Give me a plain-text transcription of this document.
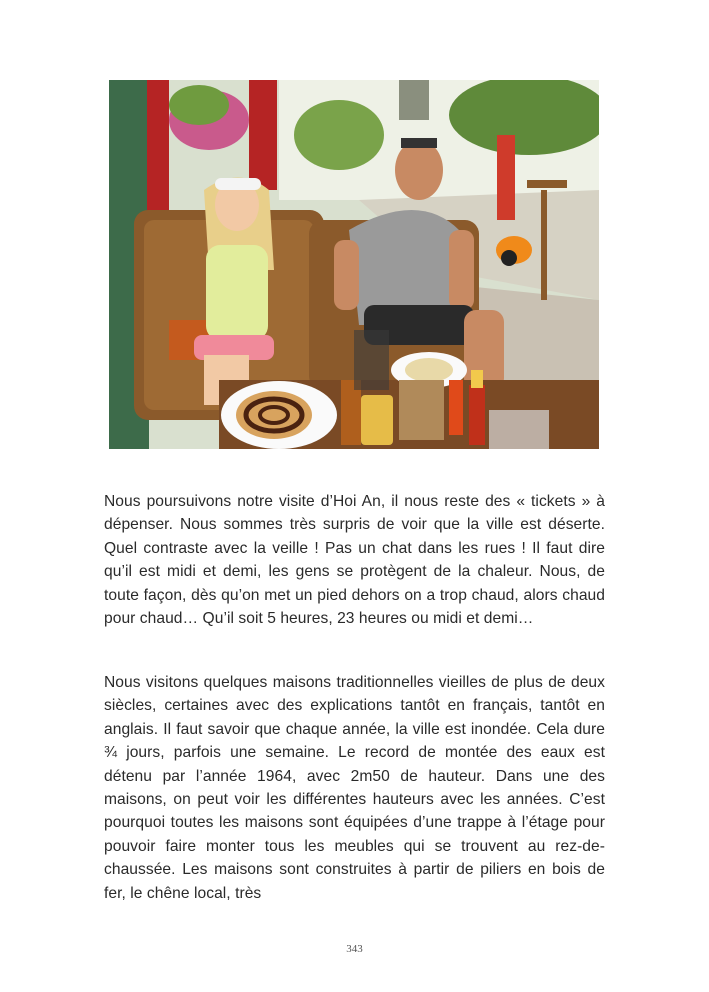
Nous poursuivons notre visite d’Hoi An, il nous reste des « tickets » à dépenser. Nous sommes très surpris de voir que la ville est déserte. Quel contraste avec la veille ! Pas un chat dans les rues ! Il faut dire qu’il est midi et demi, les gens se protègent de la chaleur. Nous, de toute façon, dès qu’on met un pied dehors on a trop chaud, alors chaud pour chaud… Qu’il soit 5 heures, 23 heures ou midi et demi…
Nous visitons quelques maisons traditionnelles vieilles de plus de deux siècles, certaines avec des explications tantôt en français, tantôt en anglais. Il faut savoir que chaque année, la ville est inondée. Cela dure ¾ jours, parfois une semaine. Le record de montée des eaux est détenu par l’année 1964, avec 2m50 de hauteur. Dans une des maisons, on peut voir les différentes hauteurs avec les années. C’est pourquoi toutes les maisons sont équipées d’une trappe à l’étage pour pouvoir faire monter tous les meubles qui se trouvent au rez-de-chaussée. Les maisons sont construites à partir de piliers en bois de fer, le chêne local, très
343
